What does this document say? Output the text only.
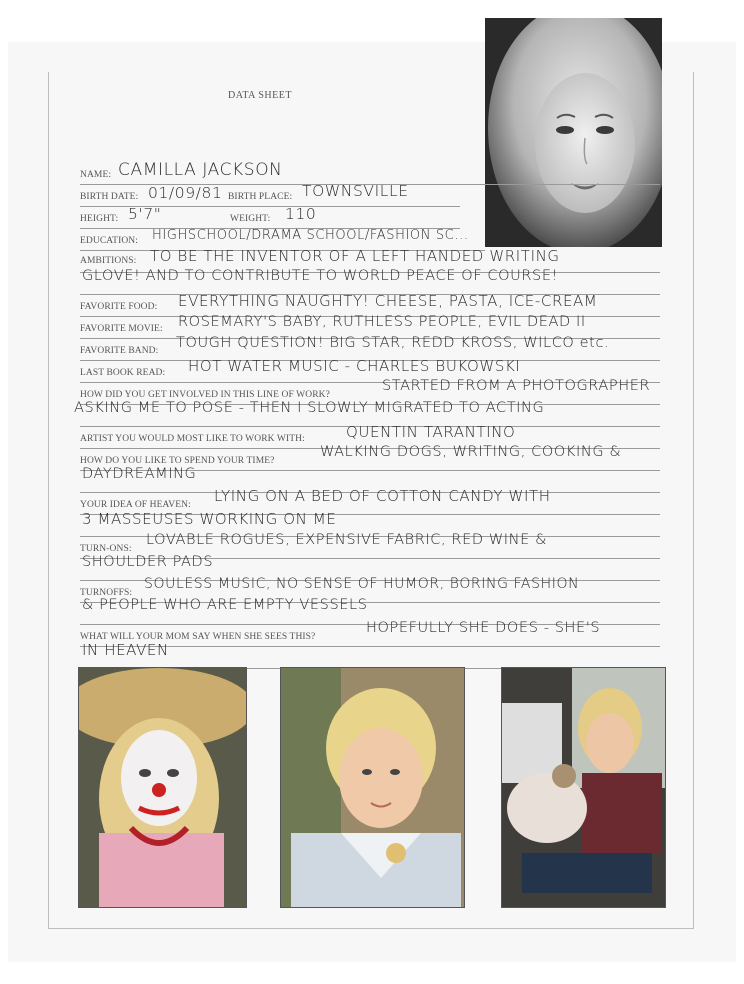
DATA SHEET
NAME: CAMILLA JACKSON
BIRTH DATE: 01/09/81 BIRTH PLACE: TOWNSVILLE
HEIGHT: 5'7"	WEIGHT: 110
EDUCATION: HIGHSCHOOL/DRAMA SCHOOL/FASHION SC...
AMBITIONS: TO BE THE INVENTOR OF A LEFT HANDED WRITING
GLOVE! AND TO CONTRIBUTE TO WORLD PEACE OF COURSE!
FAVORITE FOOD: EVERYTHING NAUGHTY! CHEESE, PASTA, ICE-CREAM
FAVORITE MOVIE: ROSEMARY'S BABY, RUTHLESS PEOPLE, EVIL DEAD II
FAVORITE BAND: TOUGH QUESTION! BIG STAR, REDD KROSS, WILCO etc.
LAST BOOK READ: HOT WATER MUSIC - CHARLES BUKOWSKI
HOW DID YOU GET INVOLVED IN THIS LINE OF WORK?
STARTED FROM A PHOTOGRAPHER
ASKING ME TO POSE - THEN I SLOWLY MIGRATED TO ACTING
ARTIST YOU WOULD MOST LIKE TO WORK WITH:	QUENTIN TARANTINO
HOW DO YOU LIKE TO SPEND YOUR TIME?
WALKING DOGS, WRITING, COOKING &
DAYDREAMING
YOUR IDEA OF HEAVEN: LYING ON A BED OF COTTON CANDY WITH
3 MASSEUSES WORKING ON ME
TURN-ONS:
LOVABLE ROGUES, EXPENSIVE FABRIC, RED WINE &
SHOULDER PADS
TURNOFFS:
SOULESS MUSIC, NO SENSE OF HUMOR, BORING FASHION
& PEOPLE WHO ARE EMPTY VESSELS
WHAT WILL YOUR MOM SAY WHEN SHE SEES THIS?
HOPEFULLY SHE DOES - SHE'S
IN HEAVEN
